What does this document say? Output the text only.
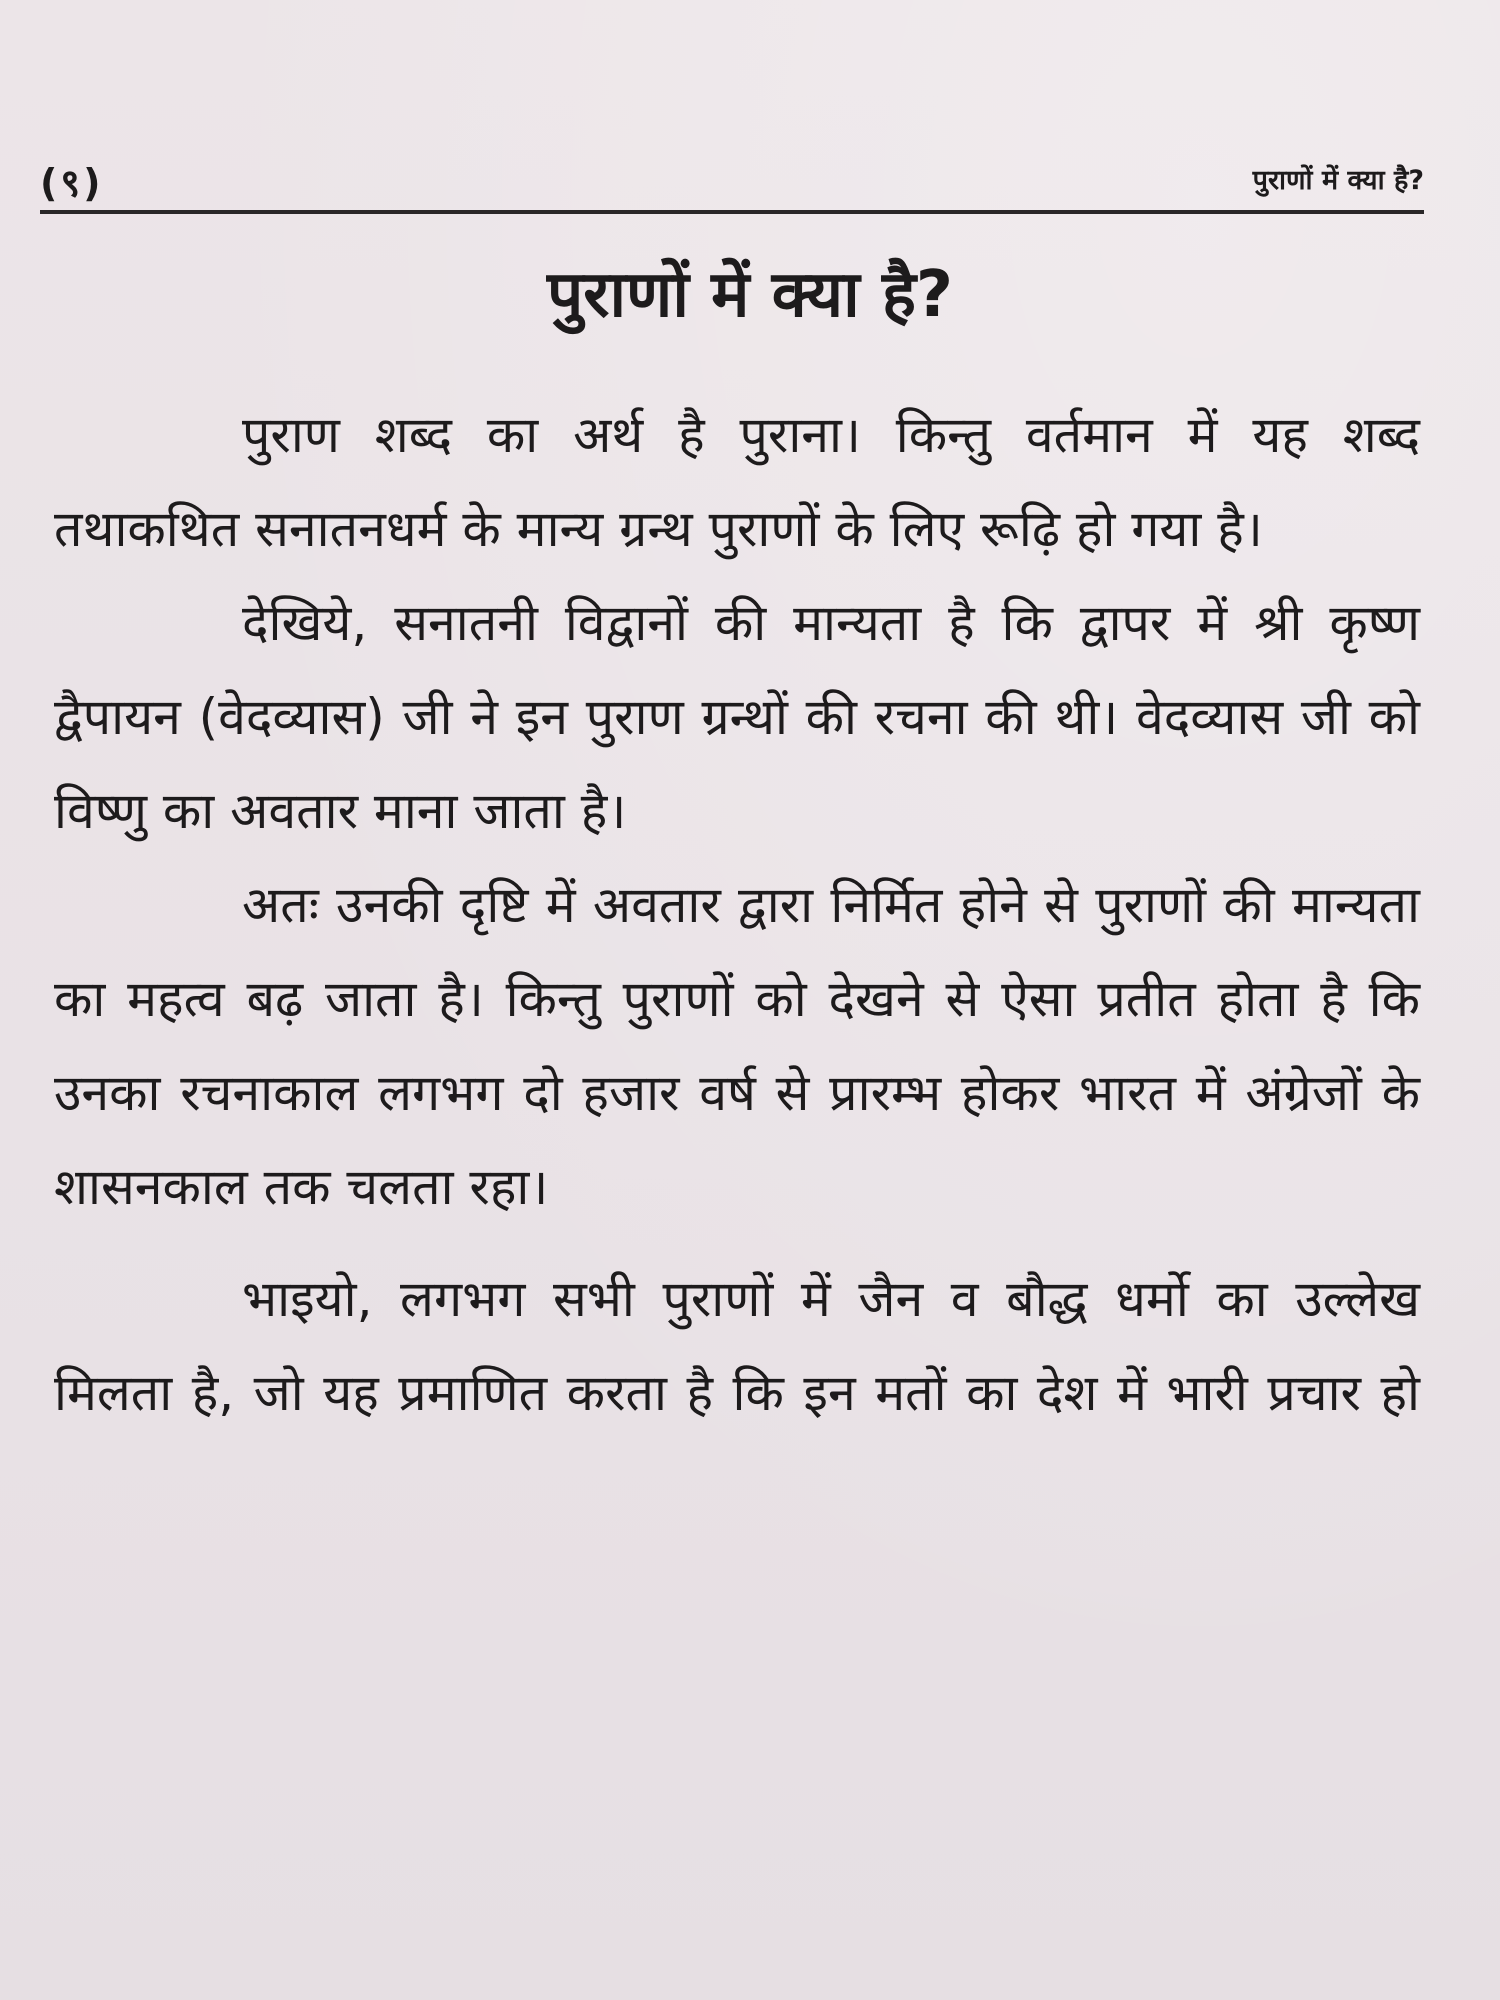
(९)	पुराणों में क्या है?
पुराणों में क्या है?

पुराण शब्द का अर्थ है पुराना। किन्तु वर्तमान में यह शब्द तथाकथित सनातनधर्म के मान्य ग्रन्थ पुराणों के लिए रूढ़ि हो गया है।

देखिये, सनातनी विद्वानों की मान्यता है कि द्वापर में श्री कृष्ण द्वैपायन (वेदव्यास) जी ने इन पुराण ग्रन्थों की रचना की थी। वेदव्यास जी को विष्णु का अवतार माना जाता है।

अतः उनकी दृष्टि में अवतार द्वारा निर्मित होने से पुराणों की मान्यता का महत्व बढ़ जाता है। किन्तु पुराणों को देखने से ऐसा प्रतीत होता है कि उनका रचनाकाल लगभग दो हजार वर्ष से प्रारम्भ होकर भारत में अंग्रेजों के शासनकाल तक चलता रहा।

भाइयो, लगभग सभी पुराणों में जैन व बौद्ध धर्मो का उल्लेख मिलता है, जो यह प्रमाणित करता है कि इन मतों का देश में भारी प्रचार हो
